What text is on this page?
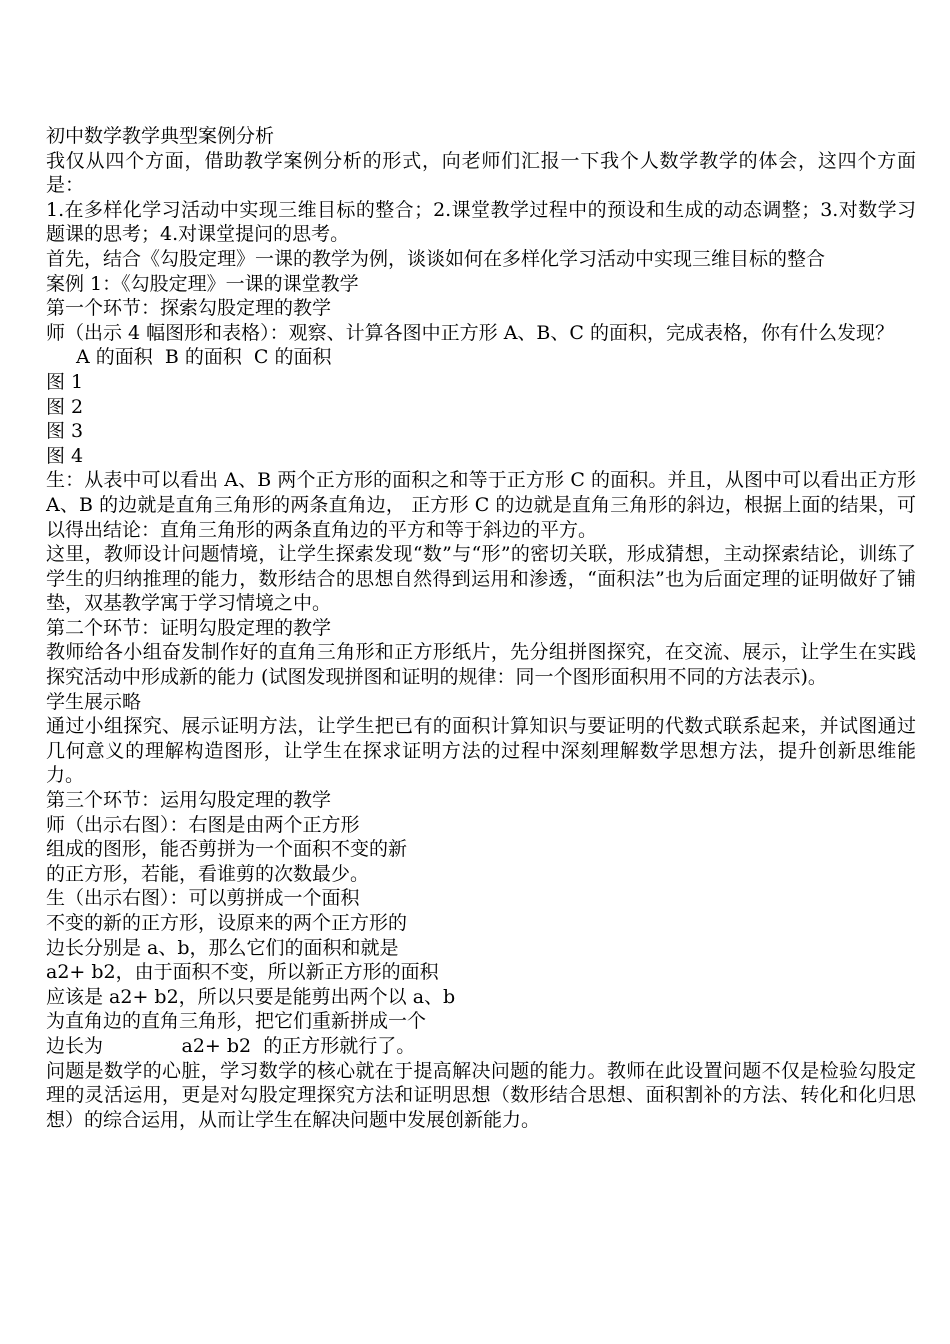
初中数学教学典型案例分析

我仅从四个方面，借助教学案例分析的形式，向老师们汇报一下我个人数学教学的体会，这四个方面是：

1.在多样化学习活动中实现三维目标的整合；2.课堂教学过程中的预设和生成的动态调整；3.对数学习题课的思考；4.对课堂提问的思考。

首先，结合《勾股定理》一课的教学为例，谈谈如何在多样化学习活动中实现三维目标的整合

案例 1：《勾股定理》一课的课堂教学

第一个环节：探索勾股定理的教学

师（出示 4 幅图形和表格）：观察、计算各图中正方形 A、B、C 的面积，完成表格，你有什么发现？

A 的面积  B 的面积  C 的面积

图 1

图 2

图 3

图 4

生：从表中可以看出 A、B 两个正方形的面积之和等于正方形 C 的面积。并且，从图中可以看出正方形 A、B 的边就是直角三角形的两条直角边， 正方形 C 的边就是直角三角形的斜边，根据上面的结果，可以得出结论：直角三角形的两条直角边的平方和等于斜边的平方。

这里，教师设计问题情境，让学生探索发现“数”与“形”的密切关联，形成猜想，主动探索结论，训练了学生的归纳推理的能力，数形结合的思想自然得到运用和渗透，“面积法”也为后面定理的证明做好了铺垫，双基教学寓于学习情境之中。

第二个环节：证明勾股定理的教学

教师给各小组奋发制作好的直角三角形和正方形纸片，先分组拼图探究，在交流、展示，让学生在实践探究活动中形成新的能力 (试图发现拼图和证明的规律：同一个图形面积用不同的方法表示)。

学生展示略

通过小组探究、展示证明方法，让学生把已有的面积计算知识与要证明的代数式联系起来，并试图通过几何意义的理解构造图形，让学生在探求证明方法的过程中深刻理解数学思想方法，提升创新思维能力。

第三个环节：运用勾股定理的教学

师（出示右图）：右图是由两个正方形

组成的图形，能否剪拼为一个面积不变的新

的正方形，若能，看谁剪的次数最少。

生（出示右图）：可以剪拼成一个面积

不变的新的正方形，设原来的两个正方形的

边长分别是 a、b，那么它们的面积和就是

a2+ b2，由于面积不变，所以新正方形的面积

应该是 a2+ b2，所以只要是能剪出两个以 a、b

为直角边的直角三角形，把它们重新拼成一个

边长为             a2+ b2  的正方形就行了。

问题是数学的心脏，学习数学的核心就在于提高解决问题的能力。教师在此设置问题不仅是检验勾股定理的灵活运用，更是对勾股定理探究方法和证明思想（数形结合思想、面积割补的方法、转化和化归思想）的综合运用，从而让学生在解决问题中发展创新能力。
